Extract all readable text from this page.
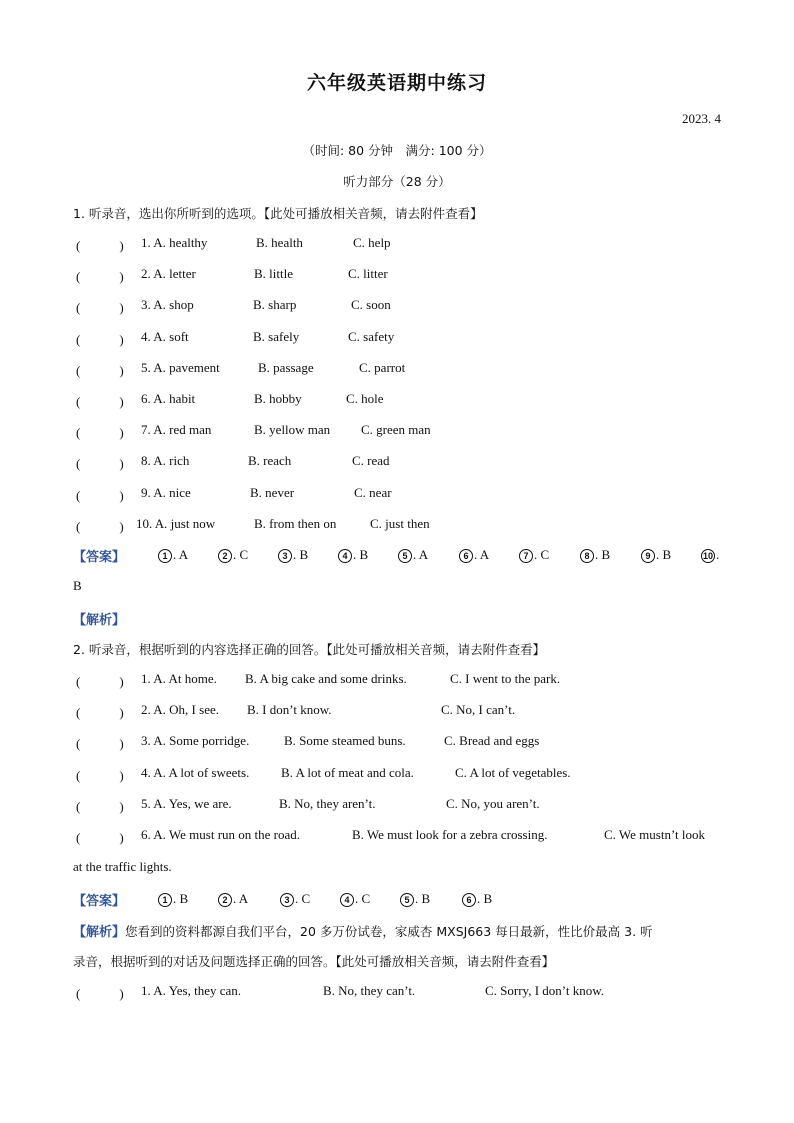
六年级英语期中练习
2023. 4
（时间: 80 分钟　满分: 100 分）
听力部分（28 分）
1. 听录音，选出你所听到的选项。【此处可播放相关音频，请去附件查看】
(　　　) 1. A. healthy	B. health	C. help
(　　　) 2. A. letter	B. little	C. litter
(　　　) 3. A. shop	B. sharp	C. soon
(　　　) 4. A. soft	B. safely	C. safety
(　　　) 5. A. pavement	B. passage	C. parrot
(　　　) 6. A. habit	B. hobby	C. hole
(　　　) 7. A. red man	B. yellow man C. green man
(　　　) 8. A. rich	B. reach	C. read
(　　　) 9. A. nice	B. never	C. near
(　　　) 10. A. just now	B. from then on	C. just then
【答案】	1 . A	2 . C	3 . B	4 . B	5 . A	6 . A	7 . C	8 . B	9 . B	10 .
B
【解析】
2. 听录音，根据听到的内容选择正确的回答。【此处可播放相关音频，请去附件查看】
(　　　) 1. A. At home. B. A big cake and some drinks.	C. I went to the park.
(　　　) 2. A. Oh, I see. B. I don’t know.	C. No, I can’t.
(　　　) 3. A. Some porridge.	B. Some steamed buns.	C. Bread and eggs
(　　　) 4. A. A lot of sweets. B. A lot of meat and cola.	C. A lot of vegetables.
(　　　) 5. A. Yes, we are.	B. No, they aren’t.	C. No, you aren’t.
(　　　) 6. A. We must run on the road.	B. We must look for a zebra crossing.	C. We mustn’t look
at the traffic lights.
【答案】	1 . B	2 . A	3 . C	4 . C	5 . B	6 . B
【解析】您看到的资料都源自我们平台，20 多万份试卷，家威杏 MXSJ663 每日最新，性比价最高 3. 听
录音，根据听到的对话及问题选择正确的回答。【此处可播放相关音频，请去附件查看】
(　　　) 1. A. Yes, they can.	B. No, they can’t.	C. Sorry, I don’t know.
